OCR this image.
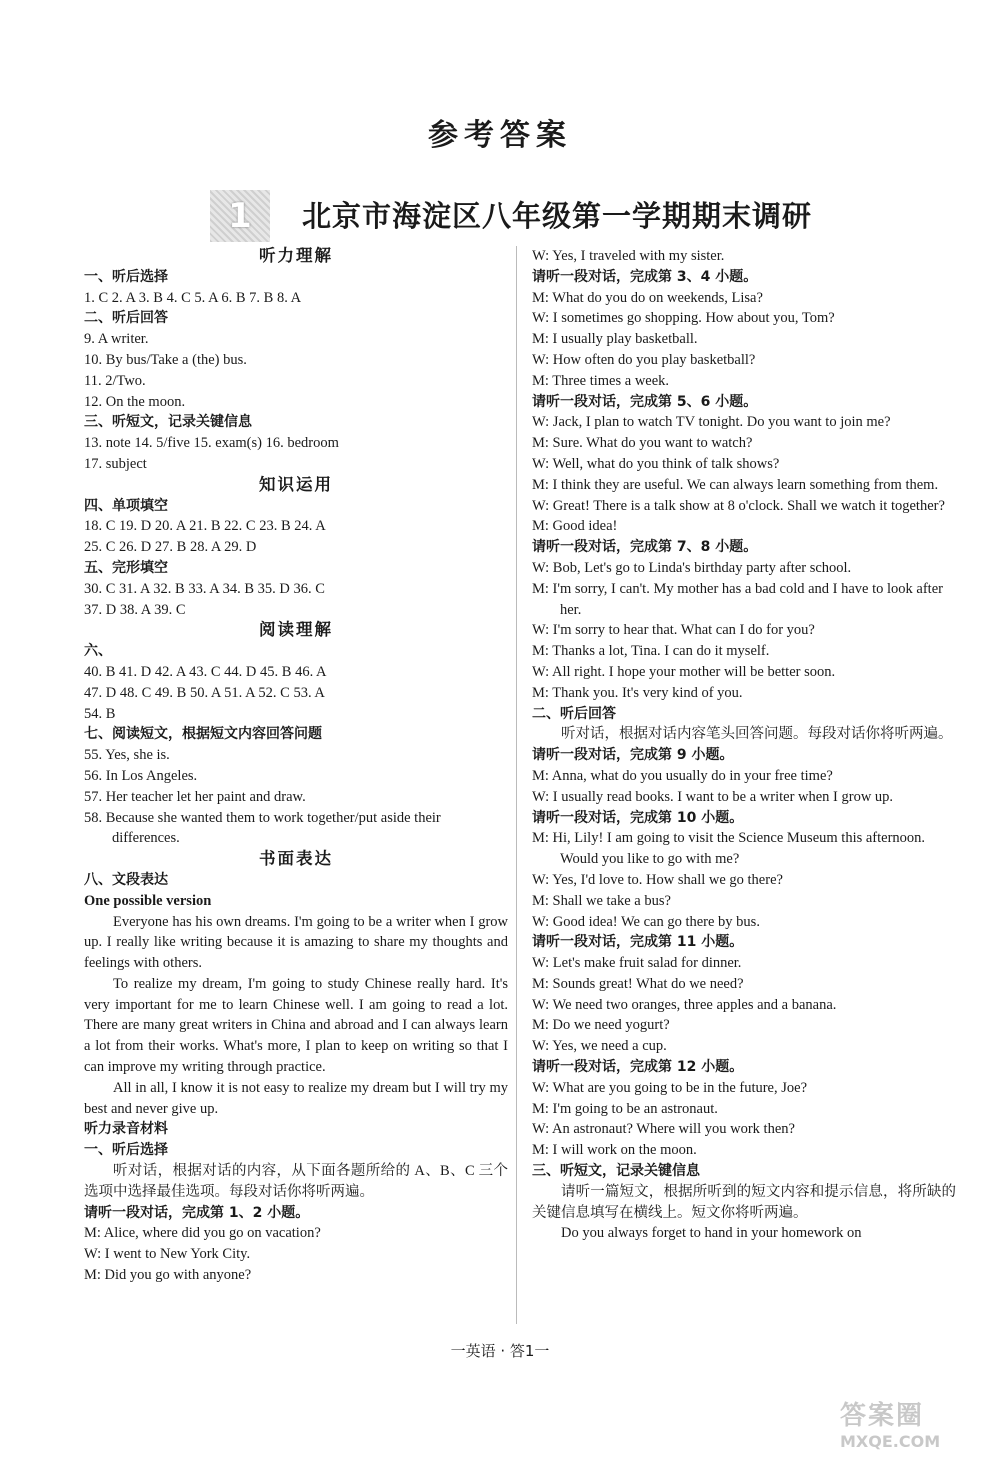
参考答案
1	北京市海淀区八年级第一学期期末调研
听力理解
一、听后选择
1. C 2. A 3. B 4. C 5. A 6. B 7. B 8. A
二、听后回答
9. A writer.
10. By bus/Take a (the) bus.
11. 2/Two.
12. On the moon.
三、听短文，记录关键信息
13. note 14. 5/five 15. exam(s) 16. bedroom
17. subject
知识运用
四、单项填空
18. C 19. D 20. A 21. B 22. C 23. B 24. A
25. C 26. D 27. B 28. A 29. D
五、完形填空
30. C 31. A 32. B 33. A 34. B 35. D 36. C
37. D 38. A 39. C
阅读理解
六、
40. B 41. D 42. A 43. C 44. D 45. B 46. A
47. D 48. C 49. B 50. A 51. A 52. C 53. A
54. B
七、阅读短文，根据短文内容回答问题
55. Yes, she is.
56. In Los Angeles.
57. Her teacher let her paint and draw.
58. Because she wanted them to work together/put aside their differences.
书面表达
八、文段表达
One possible version
Everyone has his own dreams. I'm going to be a writer when I grow up. I really like writing because it is amazing to share my thoughts and feelings with others.
To realize my dream, I'm going to study Chinese really hard. It's very important for me to learn Chinese well. I am going to read a lot. There are many great writers in China and abroad and I can always learn a lot from their works. What's more, I plan to keep on writing so that I can improve my writing through practice.
All in all, I know it is not easy to realize my dream but I will try my best and never give up.
听力录音材料
一、听后选择
听对话，根据对话的内容，从下面各题所给的 A、B、C 三个选项中选择最佳选项。每段对话你将听两遍。
请听一段对话，完成第 1、2 小题。
M: Alice, where did you go on vacation?
W: I went to New York City.
M: Did you go with anyone?
W: Yes, I traveled with my sister.
请听一段对话，完成第 3、4 小题。
M: What do you do on weekends, Lisa?
W: I sometimes go shopping. How about you, Tom?
M: I usually play basketball.
W: How often do you play basketball?
M: Three times a week.
请听一段对话，完成第 5、6 小题。
W: Jack, I plan to watch TV tonight. Do you want to join me?
M: Sure. What do you want to watch?
W: Well, what do you think of talk shows?
M: I think they are useful. We can always learn something from them.
W: Great! There is a talk show at 8 o'clock. Shall we watch it together?
M: Good idea!
请听一段对话，完成第 7、8 小题。
W: Bob, Let's go to Linda's birthday party after school.
M: I'm sorry, I can't. My mother has a bad cold and I have to look after her.
W: I'm sorry to hear that. What can I do for you?
M: Thanks a lot, Tina. I can do it myself.
W: All right. I hope your mother will be better soon.
M: Thank you. It's very kind of you.
二、听后回答
听对话，根据对话内容笔头回答问题。每段对话你将听两遍。
请听一段对话，完成第 9 小题。
M: Anna, what do you usually do in your free time?
W: I usually read books. I want to be a writer when I grow up.
请听一段对话，完成第 10 小题。
M: Hi, Lily! I am going to visit the Science Museum this afternoon. Would you like to go with me?
W: Yes, I'd love to. How shall we go there?
M: Shall we take a bus?
W: Good idea! We can go there by bus.
请听一段对话，完成第 11 小题。
W: Let's make fruit salad for dinner.
M: Sounds great! What do we need?
W: We need two oranges, three apples and a banana.
M: Do we need yogurt?
W: Yes, we need a cup.
请听一段对话，完成第 12 小题。
W: What are you going to be in the future, Joe?
M: I'm going to be an astronaut.
W: An astronaut? Where will you work then?
M: I will work on the moon.
三、听短文，记录关键信息
请听一篇短文，根据所听到的短文内容和提示信息，将所缺的关键信息填写在横线上。短文你将听两遍。
Do you always forget to hand in your homework on
一英语 · 答1一
答案圈
MXQE.COM
